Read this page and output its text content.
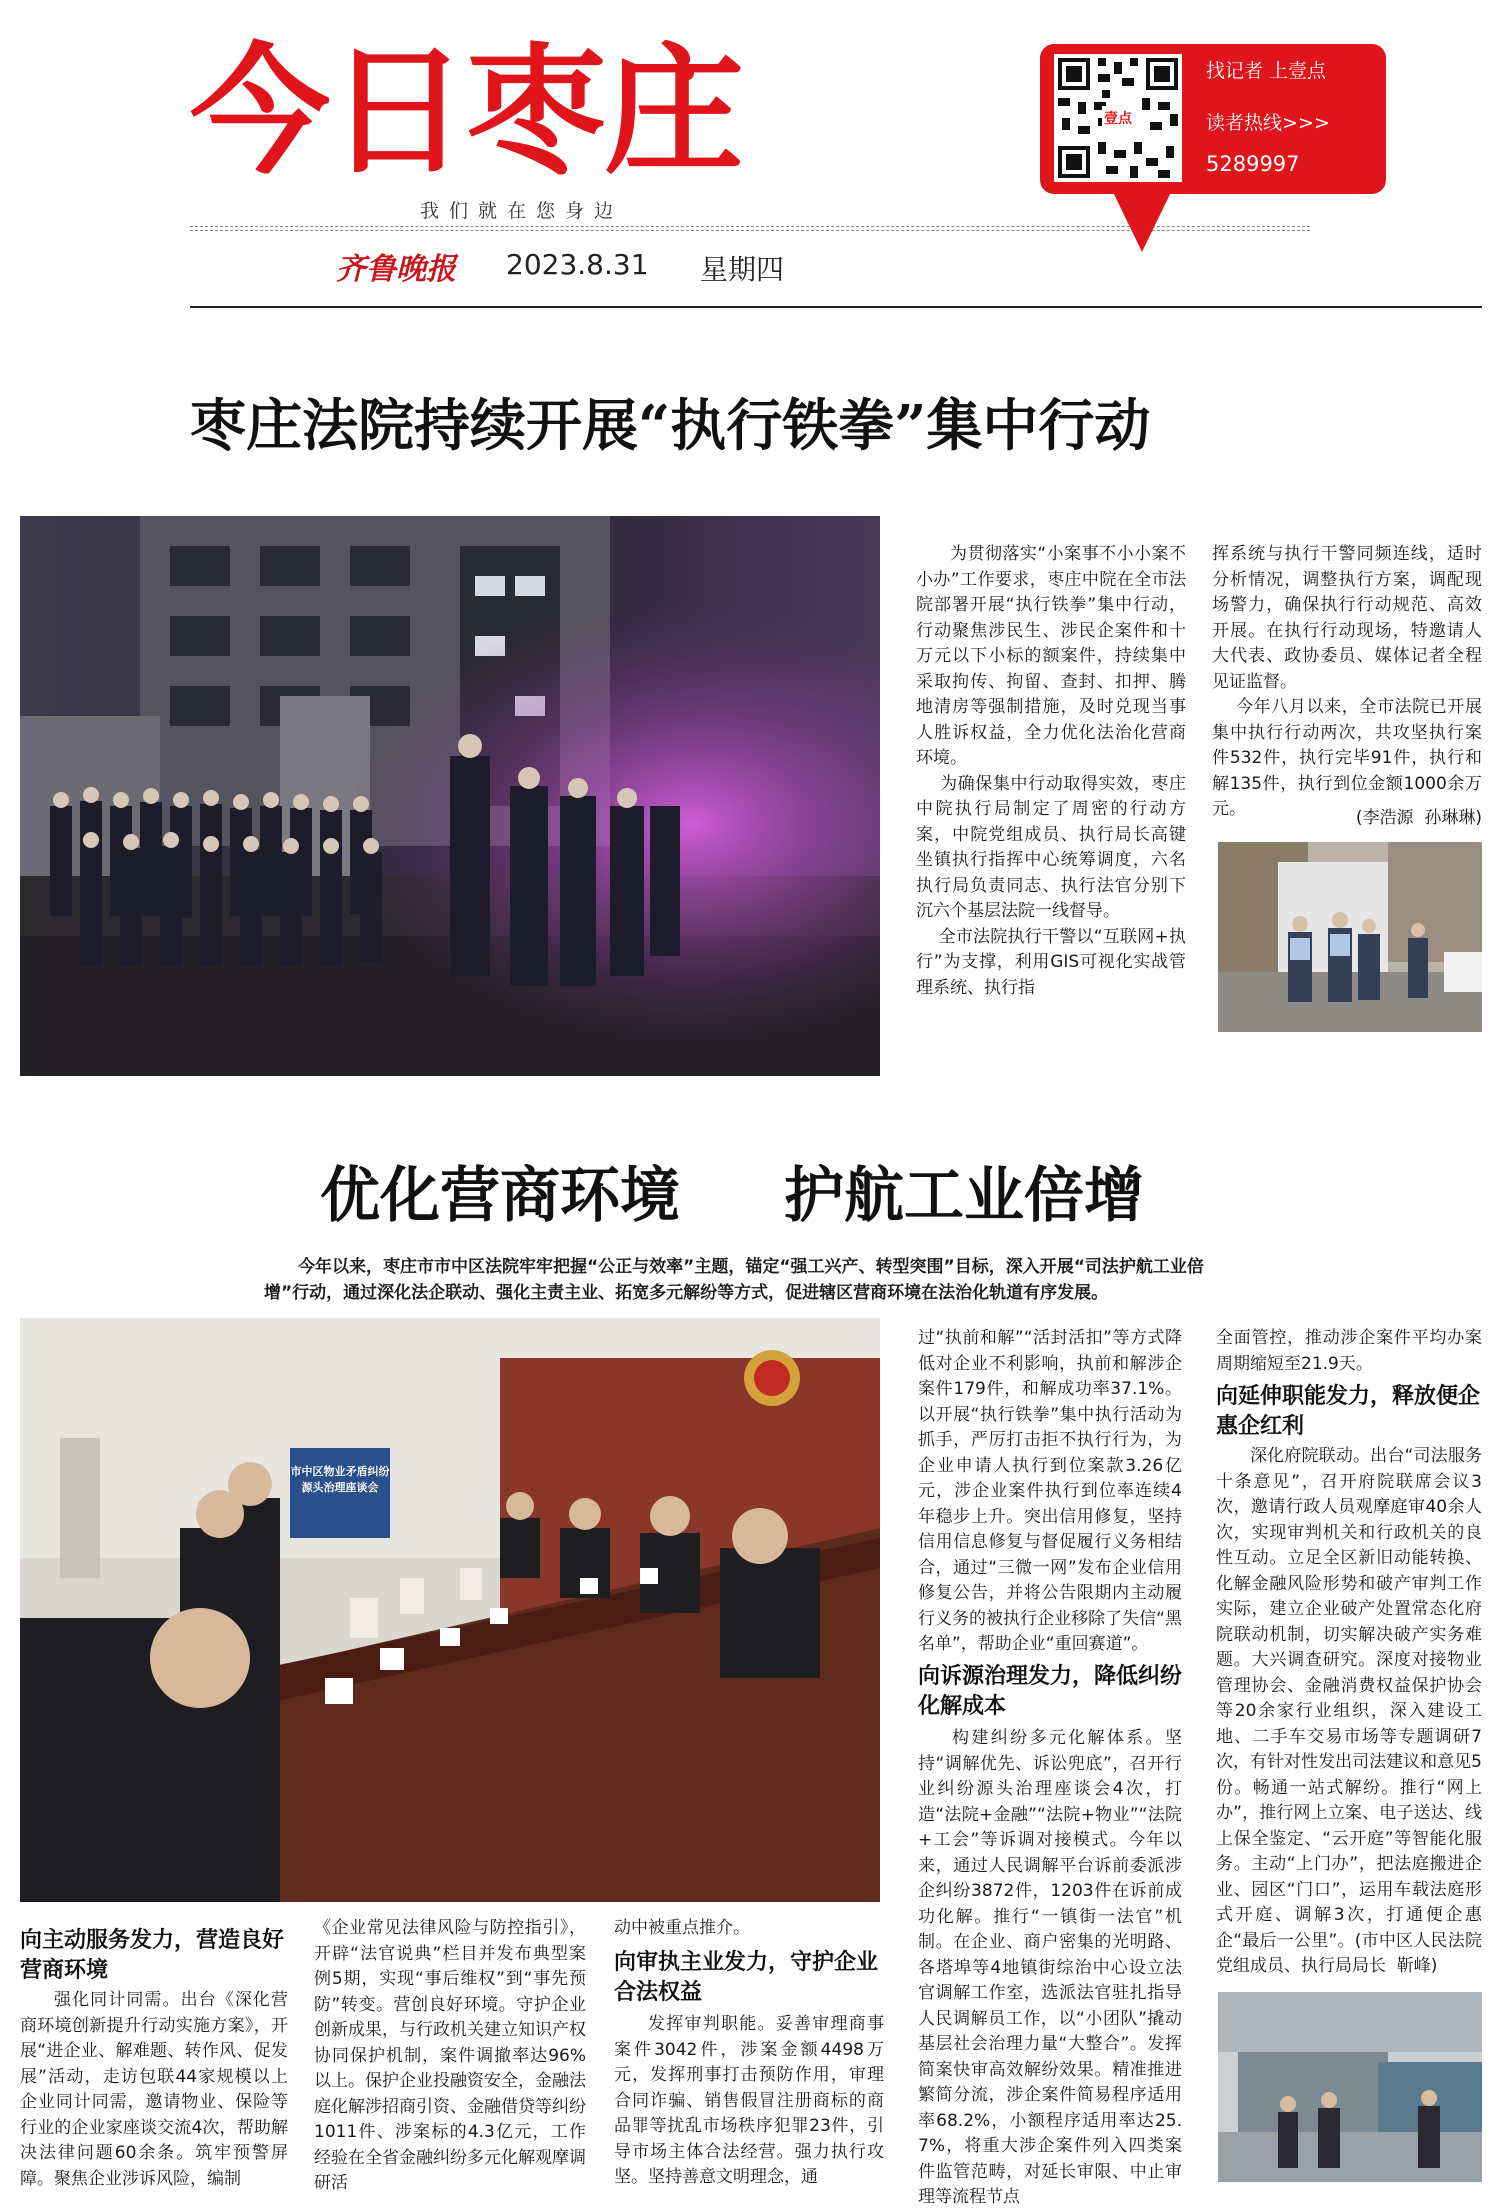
今日枣庄
我们就在您身边
齐鲁晚报 2023.8.31 星期四
壹点
找记者 上壹点
读者热线>>>
5289997
枣庄法院持续开展“执行铁拳”集中行动
为贯彻落实“小案事不小小案不小办”工作要求，枣庄中院在全市法院部署开展“执行铁拳”集中行动，行动聚焦涉民生、涉民企案件和十万元以下小标的额案件，持续集中采取拘传、拘留、查封、扣押、腾地清房等强制措施，及时兑现当事人胜诉权益，全力优化法治化营商环境。
为确保集中行动取得实效，枣庄中院执行局制定了周密的行动方案，中院党组成员、执行局长高键坐镇执行指挥中心统筹调度，六名执行局负责同志、执行法官分别下沉六个基层法院一线督导。
全市法院执行干警以“互联网+执行”为支撑，利用GIS可视化实战管理系统、执行指
挥系统与执行干警同频连线，适时分析情况，调整执行方案，调配现场警力，确保执行行动规范、高效开展。在执行行动现场，特邀请人大代表、政协委员、媒体记者全程见证监督。
今年八月以来，全市法院已开展集中执行行动两次，共攻坚执行案件532件，执行完毕91件，执行和解135件，执行到位金额1000余万元。	(李浩源  孙琳琳)
优化营商环境 护航工业倍增
今年以来，枣庄市市中区法院牢牢把握“公正与效率”主题，锚定“强工兴产、转型突围”目标，深入开展“司法护航工业倍增”行动，通过深化法企联动、强化主责主业、拓宽多元解纷等方式，促进辖区营商环境在法治化轨道有序发展。
市中区物业矛盾纠纷源头治理座谈会
过“执前和解”“活封活扣”等方式降低对企业不利影响，执前和解涉企案件179件，和解成功率37.1%。以开展“执行铁拳”集中执行活动为抓手，严厉打击拒不执行行为，为企业申请人执行到位案款3.26亿元，涉企业案件执行到位率连续4年稳步上升。突出信用修复，坚持信用信息修复与督促履行义务相结合，通过“三微一网”发布企业信用修复公告，并将公告限期内主动履行义务的被执行企业移除了失信“黑名单”，帮助企业“重回赛道”。
向诉源治理发力，降低纠纷化解成本
构建纠纷多元化解体系。坚持“调解优先、诉讼兜底”，召开行业纠纷源头治理座谈会4次，打造“法院+金融”“法院+物业”“法院+工会”等诉调对接模式。今年以来，通过人民调解平台诉前委派涉企纠纷3872件，1203件在诉前成功化解。推行“一镇街一法官”机制。在企业、商户密集的光明路、各塔埠等4地镇街综治中心设立法官调解工作室，选派法官驻扎指导人民调解员工作，以“小团队”撬动基层社会治理力量“大整合”。发挥简案快审高效解纷效果。精准推进繁简分流，涉企案件简易程序适用率68.2%，小额程序适用率达25.7%，将重大涉企案件列入四类案件监管范畴，对延长审限、中止审理等流程节点
全面管控，推动涉企案件平均办案周期缩短至21.9天。
向延伸职能发力，释放便企惠企红利
深化府院联动。出台“司法服务十条意见”，召开府院联席会议3次，邀请行政人员观摩庭审40余人次，实现审判机关和行政机关的良性互动。立足全区新旧动能转换、化解金融风险形势和破产审判工作实际，建立企业破产处置常态化府院联动机制，切实解决破产实务难题。大兴调查研究。深度对接物业管理协会、金融消费权益保护协会等20余家行业组织，深入建设工地、二手车交易市场等专题调研7次，有针对性发出司法建议和意见5份。畅通一站式解纷。推行“网上办”，推行网上立案、电子送达、线上保全鉴定、“云开庭”等智能化服务。主动“上门办”，把法庭搬进企业、园区“门口”，运用车载法庭形式开庭、调解3次，打通便企惠企“最后一公里”。(市中区人民法院党组成员、执行局局长  靳峰)
向主动服务发力，营造良好营商环境
强化同计同需。出台《深化营商环境创新提升行动实施方案》，开展“进企业、解难题、转作风、促发展”活动，走访包联44家规模以上企业同计同需，邀请物业、保险等行业的企业家座谈交流4次，帮助解决法律问题60余条。筑牢预警屏障。聚焦企业涉诉风险，编制
《企业常见法律风险与防控指引》，开辟“法官说典”栏目并发布典型案例5期，实现“事后维权”到“事先预防”转变。营创良好环境。守护企业创新成果，与行政机关建立知识产权协同保护机制，案件调撤率达96%以上。保护企业投融资安全，金融法庭化解涉招商引资、金融借贷等纠纷1011件、涉案标的4.3亿元，工作经验在全省金融纠纷多元化解观摩调研活
动中被重点推介。
向审执主业发力，守护企业合法权益
发挥审判职能。妥善审理商事案件3042件，涉案金额4498万元，发挥刑事打击预防作用，审理合同诈骗、销售假冒注册商标的商品罪等扰乱市场秩序犯罪23件，引导市场主体合法经营。强力执行攻坚。坚持善意文明理念，通
